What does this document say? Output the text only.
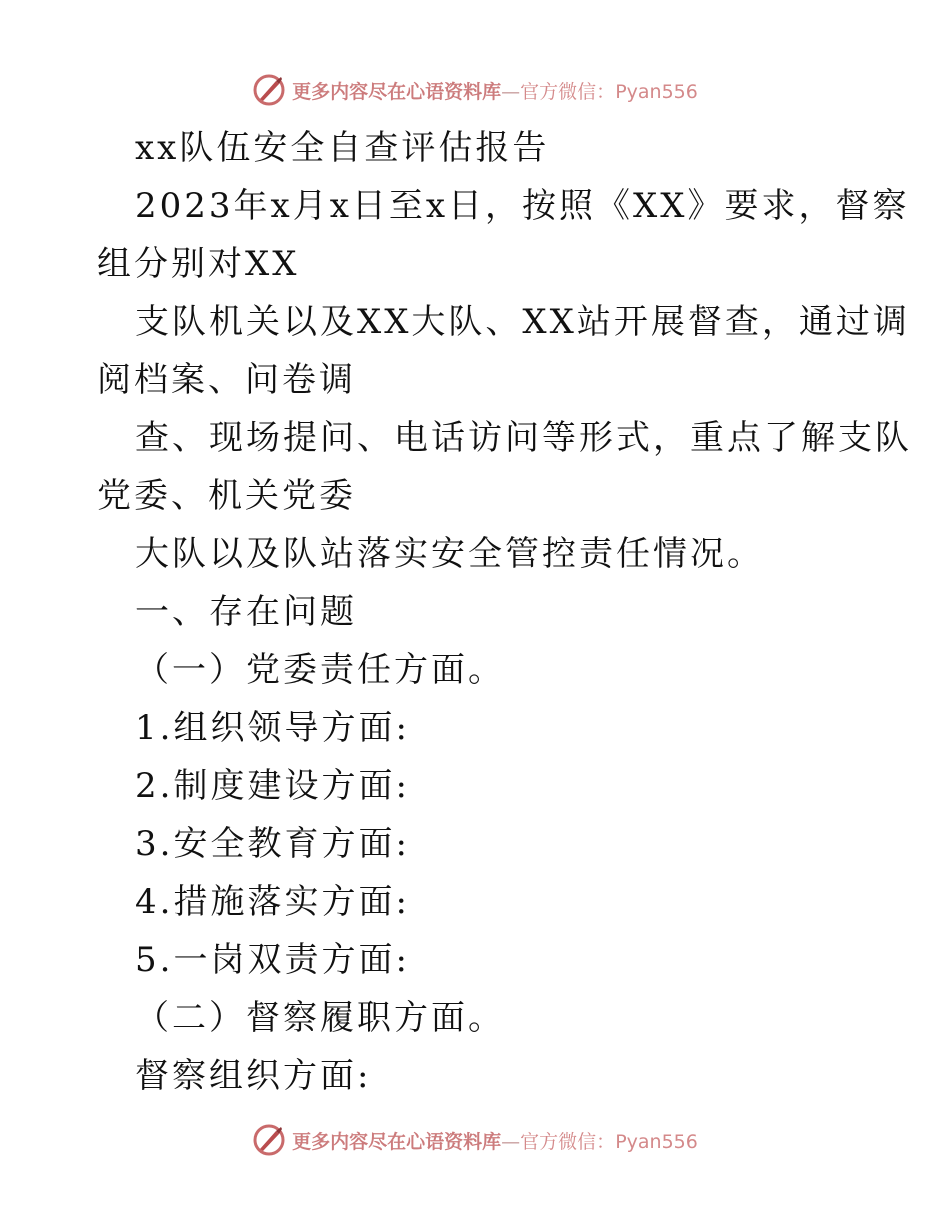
更多内容尽在心语资料库—官方微信：Pyan556
xx队伍安全自查评估报告
2023年x月x日至x日，按照《XX》要求，督察
组分别对XX
支队机关以及XX大队、XX站开展督查，通过调
阅档案、问卷调
查、现场提问、电话访问等形式，重点了解支队
党委、机关党委
大队以及队站落实安全管控责任情况。
一、存在问题
（一）党委责任方面。
1.组织领导方面:
2.制度建设方面:
3.安全教育方面:
4.措施落实方面:
5.一岗双责方面:
（二）督察履职方面。
督察组织方面:
更多内容尽在心语资料库—官方微信：Pyan556
